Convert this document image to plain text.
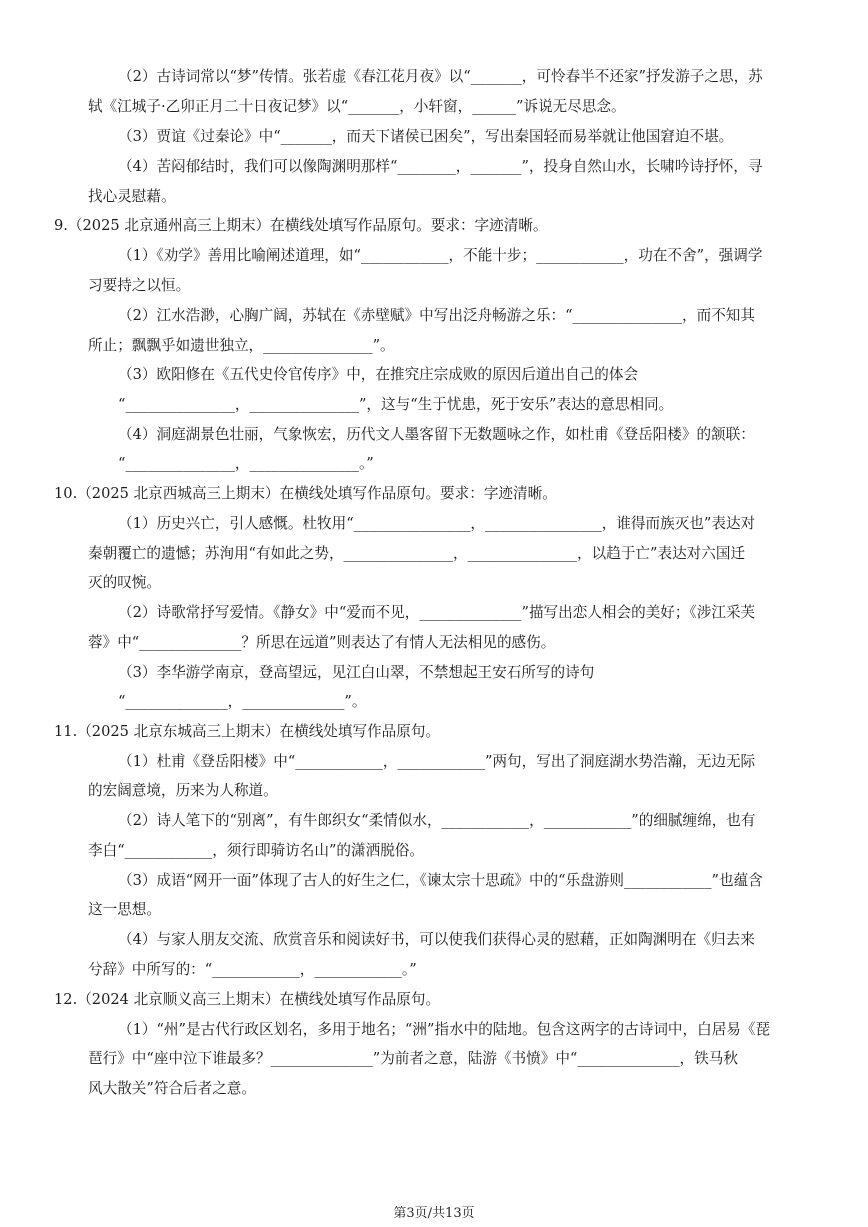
（2）古诗词常以“梦”传情。张若虚《春江花月夜》以“_______，可怜春半不还家”抒发游子之思，苏
轼《江城子·乙卯正月二十日夜记梦》以“_______，小轩窗，______”诉说无尽思念。
（3）贾谊《过秦论》中“_______，而天下诸侯已困矣”，写出秦国轻而易举就让他国窘迫不堪。
（4）苦闷郁结时，我们可以像陶渊明那样“________，_______”，投身自然山水，长啸吟诗抒怀，寻
找心灵慰藉。
9.（2025 北京通州高三上期末）在横线处填写作品原句。要求：字迹清晰。
（1）《劝学》善用比喻阐述道理，如“____________，不能十步；____________，功在不舍”，强调学
习要持之以恒。
（2）江水浩渺，心胸广阔，苏轼在《赤壁赋》中写出泛舟畅游之乐：“_______________，而不知其
所止；飘飘乎如遗世独立，_______________”。
（3）欧阳修在《五代史伶官传序》中，在推究庄宗成败的原因后道出自己的体会
“_______________，_______________”，这与“生于忧患，死于安乐”表达的意思相同。
（4）洞庭湖景色壮丽，气象恢宏，历代文人墨客留下无数题咏之作，如杜甫《登岳阳楼》的颔联：
“_______________，_______________。”
10.（2025 北京西城高三上期末）在横线处填写作品原句。要求：字迹清晰。
（1）历史兴亡，引人感慨。杜牧用“________________，________________，谁得而族灭也”表达对
秦朝覆亡的遗憾；苏洵用“有如此之势，_______________，_______________，以趋于亡”表达对六国迁
灭的叹惋。
（2）诗歌常抒写爱情。《静女》中“爱而不见，______________”描写出恋人相会的美好；《涉江采芙
蓉》中“______________？所思在远道”则表达了有情人无法相见的感伤。
（3）李华游学南京，登高望远，见江白山翠，不禁想起王安石所写的诗句
“______________，______________”。
11.（2025 北京东城高三上期末）在横线处填写作品原句。
（1）杜甫《登岳阳楼》中“____________，____________”两句，写出了洞庭湖水势浩瀚，无边无际
的宏阔意境，历来为人称道。
（2）诗人笔下的“别离”，有牛郎织女“柔情似水，____________，____________”的细腻缠绵，也有
李白“____________，须行即骑访名山”的潇洒脱俗。
（3）成语“网开一面”体现了古人的好生之仁，《谏太宗十思疏》中的“乐盘游则____________”也蕴含
这一思想。
（4）与家人朋友交流、欣赏音乐和阅读好书，可以使我们获得心灵的慰藉，正如陶渊明在《归去来
兮辞》中所写的：“____________，____________。”
12.（2024 北京顺义高三上期末）在横线处填写作品原句。
（1）“州”是古代行政区划名，多用于地名；“洲”指水中的陆地。包含这两字的古诗词中，白居易《琵
琶行》中“座中泣下谁最多？______________”为前者之意，陆游《书愤》中“______________，铁马秋
风大散关”符合后者之意。
第3页/共13页
